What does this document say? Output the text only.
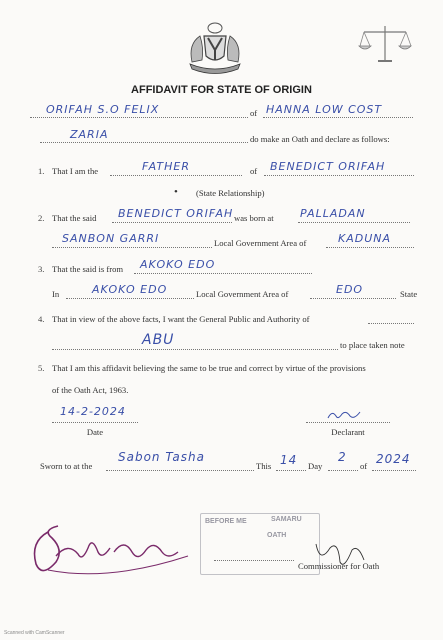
AFFIDAVIT FOR STATE OF ORIGIN
ORIFAH S.O FELIX	of HANNA LOW COST
ZARIA	do make an Oath and declare as follows:
1. That I am the	FATHER	of BENEDICT ORIFAH
• (State Relationship)
2. That the said BENEDICT ORIFAH was born at PALLADAN
SANBON GARRI	Local Government Area of	KADUNA
3. That the said is from AKOKO EDO
In	AKOKO EDO	Local Government Area of	EDO	State
4. That in view of the above facts, I want the General Public and Authority of
ABU	to place taken note
5. That I am this affidavit believing the same to be true and correct by virtue of the provisions
of the Oath Act, 1963.
14-2-2024
Date	Declarant
Sworn to at the
Sabon Tasha
This 14 Day
2
of 2024
BEFORE ME	SAMARU
OATH
Commissioner for Oath
Scanned with CamScanner
